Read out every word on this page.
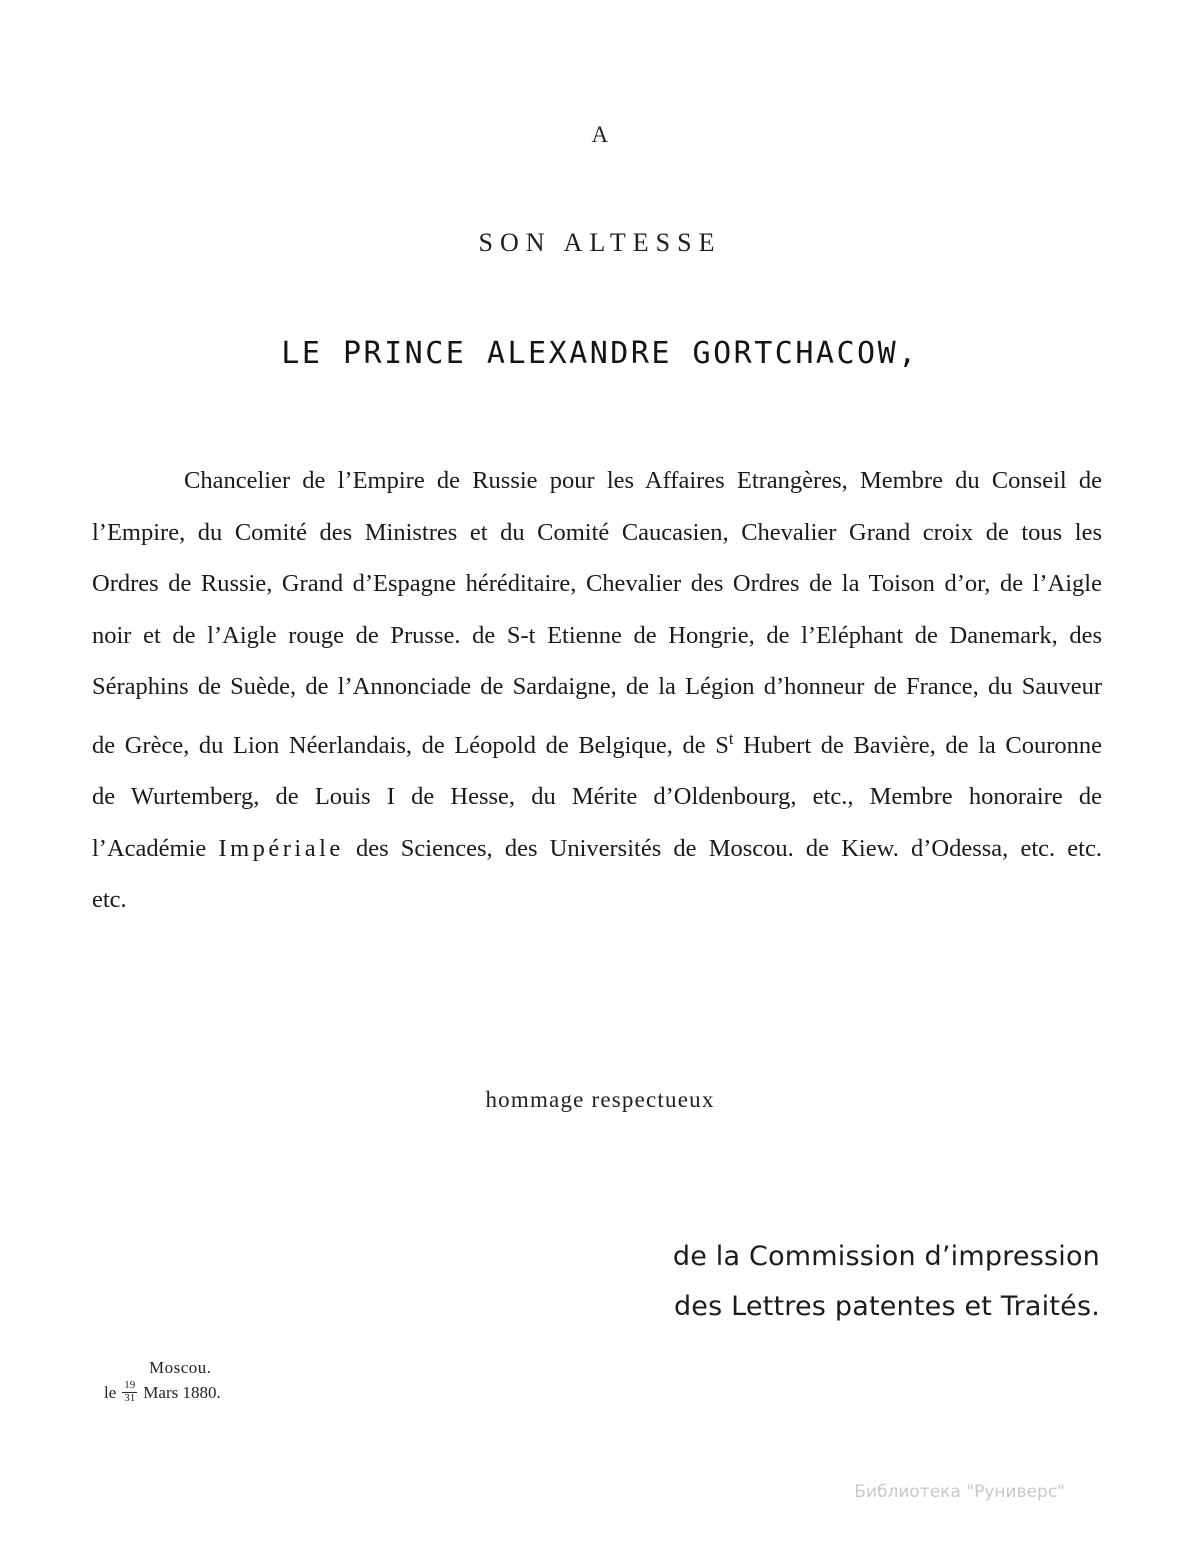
A
SON ALTESSE
LE PRINCE ALEXANDRE GORTCHACOW,
Chancelier de l’Empire de Russie pour les Affaires Etrangères, Membre du Conseil de l’Empire, du Comité des Ministres et du Comité Caucasien, Chevalier Grand croix de tous les Ordres de Russie, Grand d’Espagne héréditaire, Chevalier des Ordres de la Toison d’or, de l’Aigle noir et de l’Aigle rouge de Prusse. de S-t Etienne de Hongrie, de l’Eléphant de Danemark, des Séraphins de Suède, de l’Annonciade de Sardaigne, de la Légion d’honneur de France, du Sauveur de Grèce, du Lion Néerlandais, de Léopold de Belgique, de $S^t$ Hubert de Bavière, de la Couronne de Wurtemberg, de Louis I de Hesse, du Mérite d’Oldenbourg, etc., Membre honoraire de l’Académie Impériale des Sciences, des Universités de Moscou. de Kiew. d’Odessa, etc. etc. etc.
hommage respectueux
de la Commission d’impression
des Lettres patentes et Traités.
Moscou.
le $\frac{19}{31}$ Mars 1880.
Библиотека "Руниверс"
